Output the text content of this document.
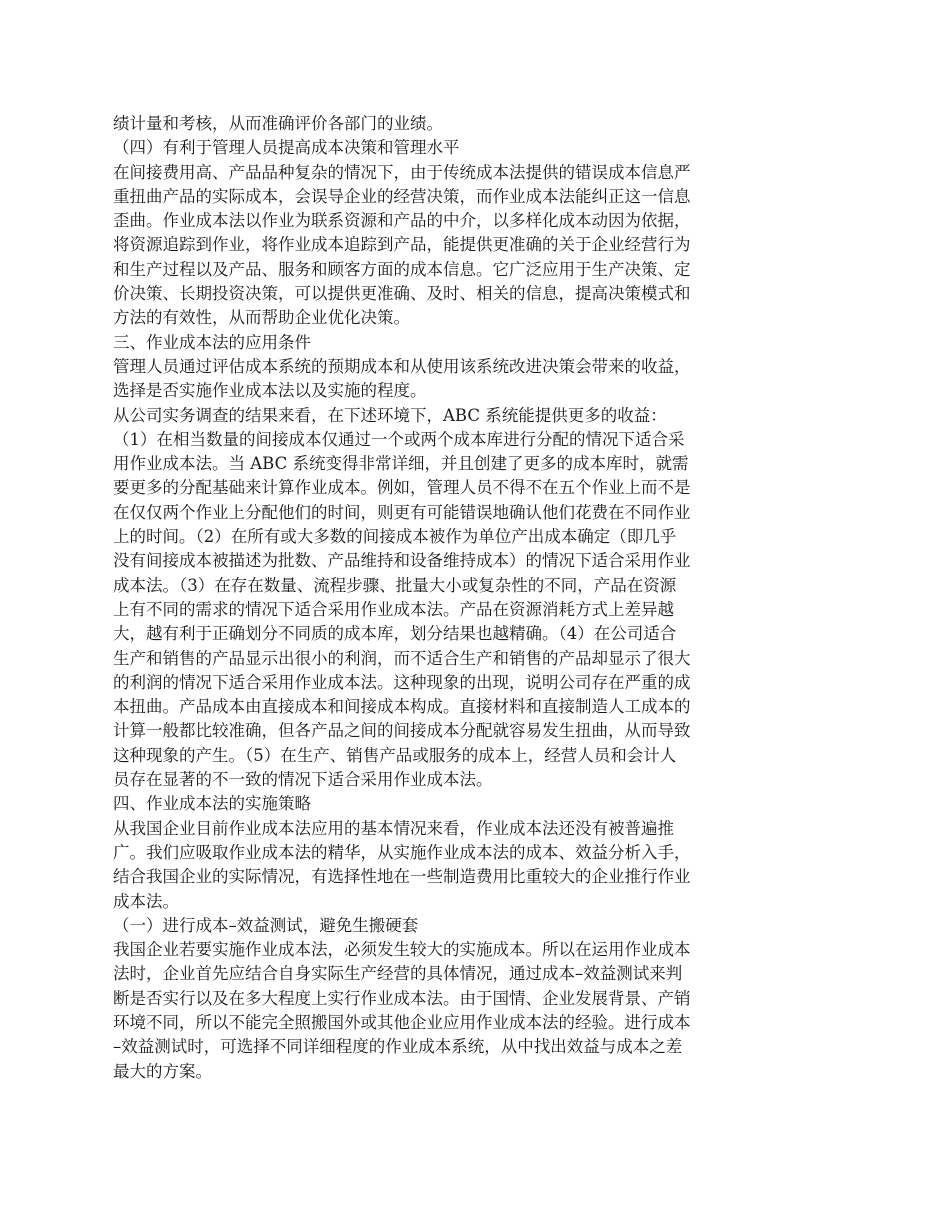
绩计量和考核，从而准确评价各部门的业绩。
（四）有利于管理人员提高成本决策和管理水平
在间接费用高、产品品种复杂的情况下，由于传统成本法提供的错误成本信息严
重扭曲产品的实际成本，会误导企业的经营决策，而作业成本法能纠正这一信息
歪曲。作业成本法以作业为联系资源和产品的中介，以多样化成本动因为依据，
将资源追踪到作业，将作业成本追踪到产品，能提供更准确的关于企业经营行为
和生产过程以及产品、服务和顾客方面的成本信息。它广泛应用于生产决策、定
价决策、长期投资决策，可以提供更准确、及时、相关的信息，提高决策模式和
方法的有效性，从而帮助企业优化决策。
三、作业成本法的应用条件
管理人员通过评估成本系统的预期成本和从使用该系统改进决策会带来的收益，
选择是否实施作业成本法以及实施的程度。
从公司实务调查的结果来看，在下述环境下，ABC 系统能提供更多的收益：
（1）在相当数量的间接成本仅通过一个或两个成本库进行分配的情况下适合采
用作业成本法。当 ABC 系统变得非常详细，并且创建了更多的成本库时，就需
要更多的分配基础来计算作业成本。例如，管理人员不得不在五个作业上而不是
在仅仅两个作业上分配他们的时间，则更有可能错误地确认他们花费在不同作业
上的时间。（2）在所有或大多数的间接成本被作为单位产出成本确定（即几乎
没有间接成本被描述为批数、产品维持和设备维持成本）的情况下适合采用作业
成本法。（3）在存在数量、流程步骤、批量大小或复杂性的不同，产品在资源
上有不同的需求的情况下适合采用作业成本法。产品在资源消耗方式上差异越
大，越有利于正确划分不同质的成本库，划分结果也越精确。（4）在公司适合
生产和销售的产品显示出很小的利润，而不适合生产和销售的产品却显示了很大
的利润的情况下适合采用作业成本法。这种现象的出现，说明公司存在严重的成
本扭曲。产品成本由直接成本和间接成本构成。直接材料和直接制造人工成本的
计算一般都比较准确，但各产品之间的间接成本分配就容易发生扭曲，从而导致
这种现象的产生。（5）在生产、销售产品或服务的成本上，经营人员和会计人
员存在显著的不一致的情况下适合采用作业成本法。
四、作业成本法的实施策略
从我国企业目前作业成本法应用的基本情况来看，作业成本法还没有被普遍推
广。我们应吸取作业成本法的精华，从实施作业成本法的成本、效益分析入手，
结合我国企业的实际情况，有选择性地在一些制造费用比重较大的企业推行作业
成本法。
（一）进行成本–效益测试，避免生搬硬套
我国企业若要实施作业成本法，必须发生较大的实施成本。所以在运用作业成本
法时，企业首先应结合自身实际生产经营的具体情况，通过成本–效益测试来判
断是否实行以及在多大程度上实行作业成本法。由于国情、企业发展背景、产销
环境不同，所以不能完全照搬国外或其他企业应用作业成本法的经验。进行成本
–效益测试时，可选择不同详细程度的作业成本系统，从中找出效益与成本之差
最大的方案。
